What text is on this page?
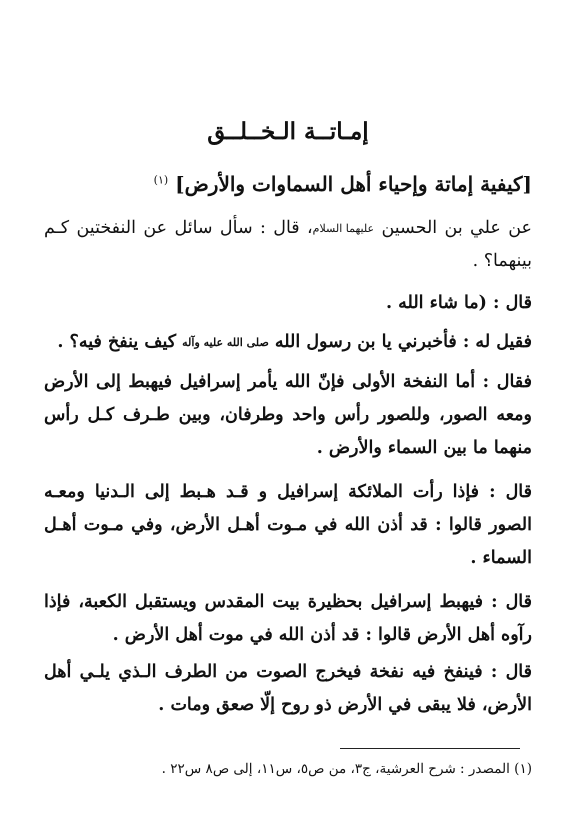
إمـاتــة الـخــلــق
[كيفية إماتة وإحياء أهل السماوات والأرض] $^{(١)}$
عن علي بن الحسين عليهما السلام، قال : سأل سائل عن النفختين كـم بينهما؟ .
قال : (ما شاء الله .
فقيل له : فأخبرني يا بن رسول الله صلى الله عليه وآله كيف ينفخ فيه؟ .
فقال : أما النفخة الأولى فإنّ الله يأمر إسرافيل فيهبط إلى الأرض ومعه الصور، وللصور رأس واحد وطرفان، وبين طـرف كـل رأس منهما ما بين السماء والأرض .
قال : فإذا رأت الملائكة إسرافيل و قـد هـبط إلى الـدنيا ومعـه الصور قالوا : قد أذن الله في مـوت أهـل الأرض، وفي مـوت أهـل السماء .
قال : فيهبط إسرافيل بحظيرة بيت المقدس ويستقبل الكعبة، فإذا رآوه أهل الأرض قالوا : قد أذن الله في موت أهل الأرض .
قال : فينفخ فيه نفخة فيخرج الصوت من الطرف الـذي يلـي أهل الأرض، فلا يبقى في الأرض ذو روح إلّا صعق ومات .
(١) المصدر : شرح العرشية، ج٣، من ص٥، س١١، إلى ص٨ س٢٢ .
